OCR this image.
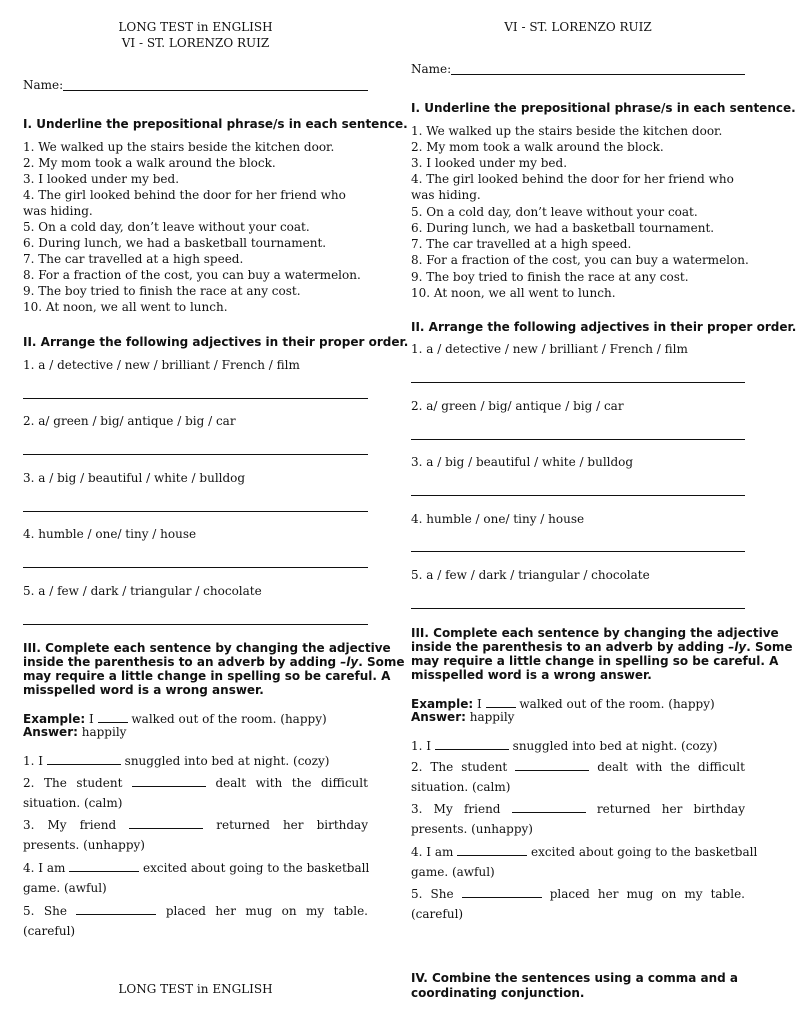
LONG TEST in ENGLISH
VI - ST. LORENZO RUIZ
Name:
I. Underline the prepositional phrase/s in each sentence.
1. We walked up the stairs beside the kitchen door.
2. My mom took a walk around the block.
3. I looked under my bed.
4. The girl looked behind the door for her friend who
was hiding.
5. On a cold day, don’t leave without your coat.
6. During lunch, we had a basketball tournament.
7. The car travelled at a high speed.
8. For a fraction of the cost, you can buy a watermelon.
9. The boy tried to finish the race at any cost.
10. At noon, we all went to lunch.
II. Arrange the following adjectives in their proper order.
1. a / detective / new / brilliant / French / film
2. a/ green / big/ antique / big / car
3. a / big / beautiful / white / bulldog
4. humble / one/ tiny / house
5. a / few / dark / triangular / chocolate
III. Complete each sentence by changing the adjective
inside the parenthesis to an adverb by adding –ly. Some
may require a little change in spelling so be careful. A
misspelled word is a wrong answer.
Example: I	walked out of the room. (happy)
Answer: happily
1. I	snuggled into bed at night. (cozy)
2. The student	dealt with the difficult
situation. (calm)
3. My friend	returned her birthday
presents. (unhappy)
4. I am	excited about going to the basketball
game. (awful)
5. She	placed her mug on my table.
(careful)
LONG TEST in ENGLISH
VI - ST. LORENZO RUIZ
Name:
I. Underline the prepositional phrase/s in each sentence.
1. We walked up the stairs beside the kitchen door.
2. My mom took a walk around the block.
3. I looked under my bed.
4. The girl looked behind the door for her friend who
was hiding.
5. On a cold day, don’t leave without your coat.
6. During lunch, we had a basketball tournament.
7. The car travelled at a high speed.
8. For a fraction of the cost, you can buy a watermelon.
9. The boy tried to finish the race at any cost.
10. At noon, we all went to lunch.
II. Arrange the following adjectives in their proper order.
1. a / detective / new / brilliant / French / film
2. a/ green / big/ antique / big / car
3. a / big / beautiful / white / bulldog
4. humble / one/ tiny / house
5. a / few / dark / triangular / chocolate
III. Complete each sentence by changing the adjective
inside the parenthesis to an adverb by adding –ly. Some
may require a little change in spelling so be careful. A
misspelled word is a wrong answer.
Example: I	walked out of the room. (happy)
Answer: happily
1. I	snuggled into bed at night. (cozy)
2. The student	dealt with the difficult
situation. (calm)
3. My friend	returned her birthday
presents. (unhappy)
4. I am	excited about going to the basketball
game. (awful)
5. She	placed her mug on my table.
(careful)
IV. Combine the sentences using a comma and a
coordinating conjunction.
